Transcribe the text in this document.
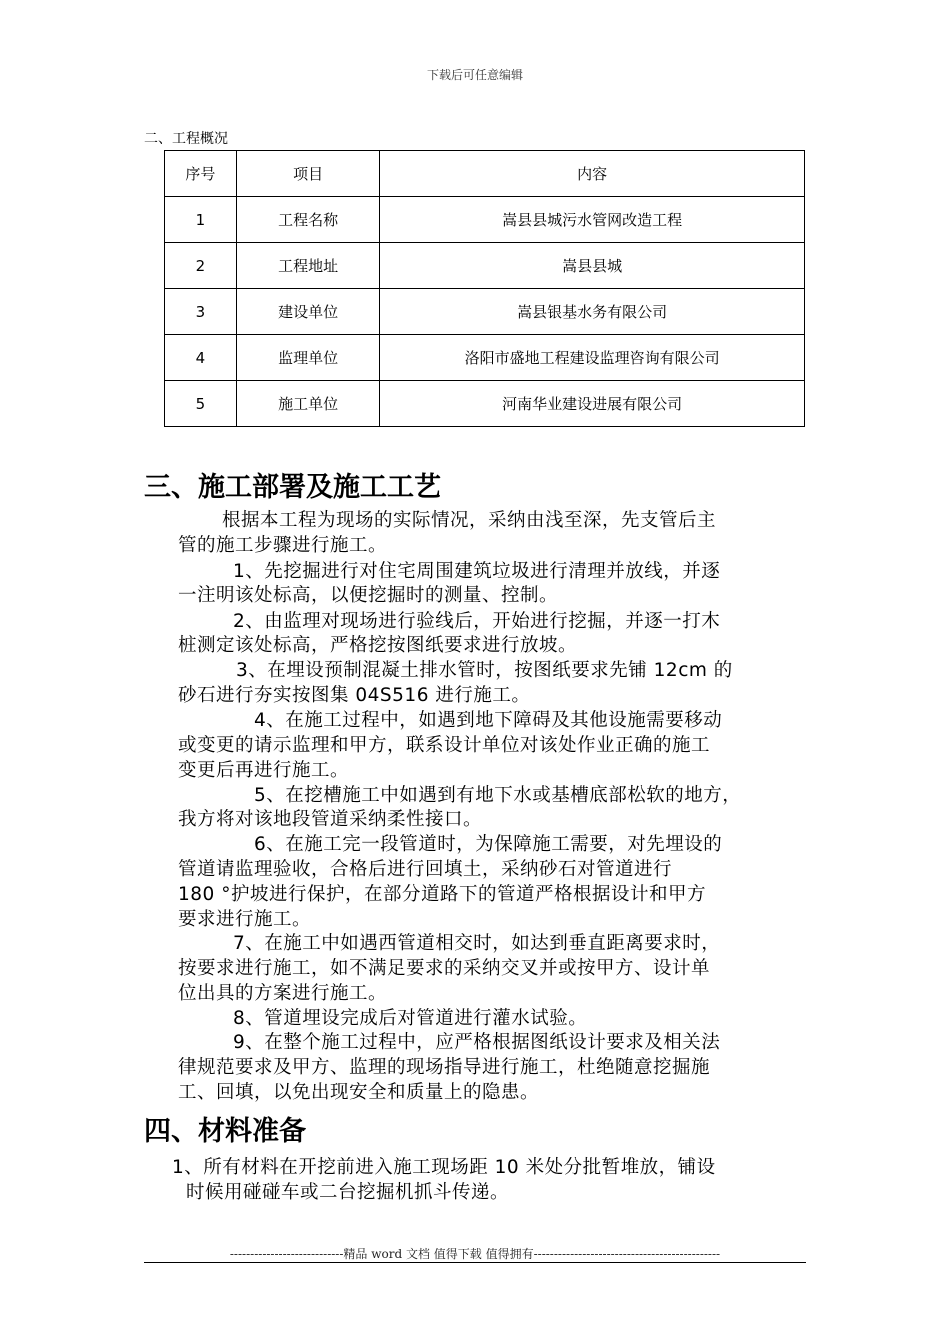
下载后可任意编辑
二、工程概况
序号	项目	内容
1	工程名称	嵩县县城污水管网改造工程
2	工程地址	嵩县县城
3	建设单位	嵩县银基水务有限公司
4	监理单位	洛阳市盛地工程建设监理咨询有限公司
5	施工单位	河南华业建设进展有限公司
三、施工部署及施工工艺
根据本工程为现场的实际情况，采纳由浅至深，先支管后主
管的施工步骤进行施工。
1、先挖掘进行对住宅周围建筑垃圾进行清理并放线，并逐
一注明该处标高，以便挖掘时的测量、控制。
2、由监理对现场进行验线后，开始进行挖掘，并逐一打木
桩测定该处标高，严格挖按图纸要求进行放坡。
3、在埋设预制混凝土排水管时，按图纸要求先铺 12cm 的
砂石进行夯实按图集 04S516 进行施工。
4、在施工过程中，如遇到地下障碍及其他设施需要移动
或变更的请示监理和甲方，联系设计单位对该处作业正确的施工
变更后再进行施工。
5、在挖槽施工中如遇到有地下水或基槽底部松软的地方，
我方将对该地段管道采纳柔性接口。
6、在施工完一段管道时，为保障施工需要，对先埋设的
管道请监理验收，合格后进行回填土，采纳砂石对管道进行
180 °护坡进行保护，在部分道路下的管道严格根据设计和甲方
要求进行施工。
7、在施工中如遇西管道相交时，如达到垂直距离要求时，
按要求进行施工，如不满足要求的采纳交叉并或按甲方、设计单
位出具的方案进行施工。
8、管道埋设完成后对管道进行灌水试验。
9、在整个施工过程中，应严格根据图纸设计要求及相关法
律规范要求及甲方、监理的现场指导进行施工，杜绝随意挖掘施
工、回填，以免出现安全和质量上的隐患。
四、材料准备
1、所有材料在开挖前进入施工现场距 10 米处分批暂堆放，铺设
时候用碰碰车或二台挖掘机抓斗传递。
----------------------------精品 word 文档 值得下载 值得拥有----------------------------------------------
